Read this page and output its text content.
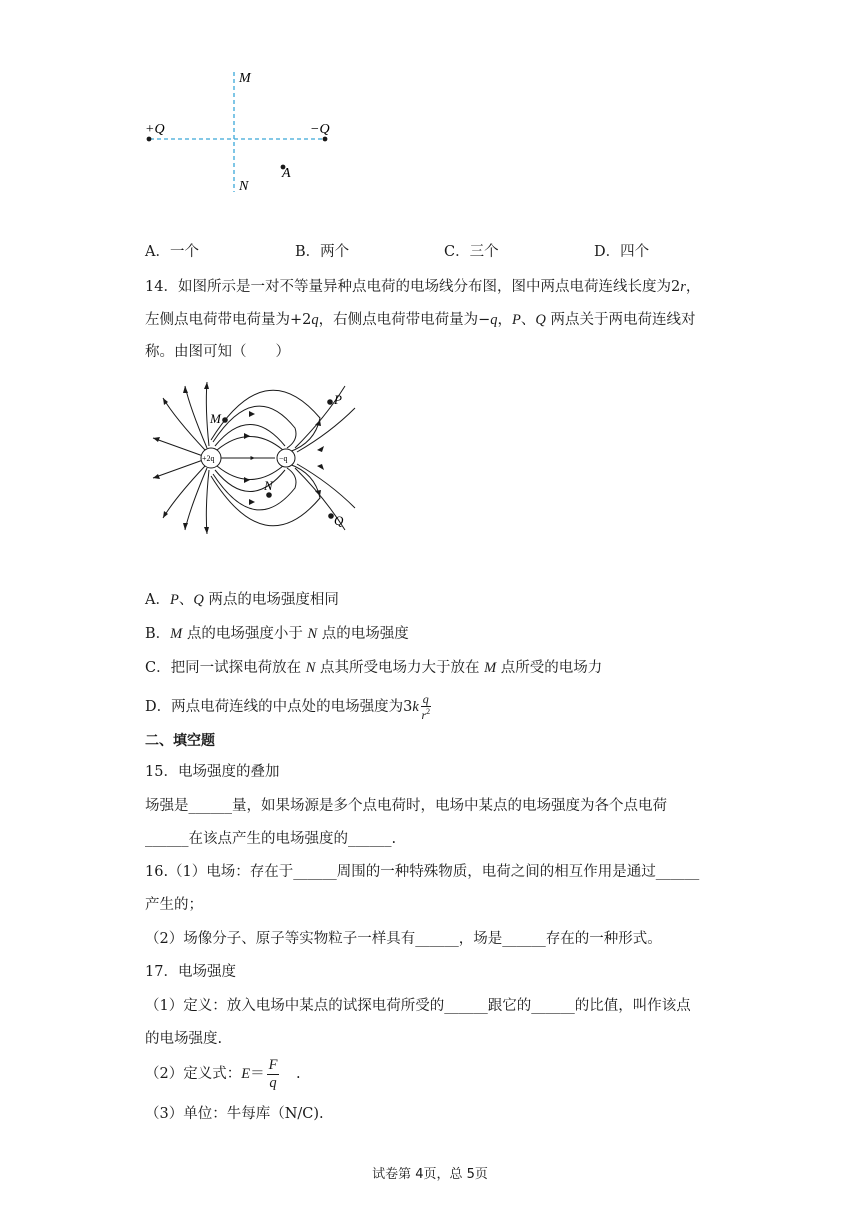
M
N
+Q	−Q
A
A．一个	B．两个	C．三个	D．四个
14．如图所示是一对不等量异种点电荷的电场线分布图，图中两点电荷连线长度为2r，
左侧点电荷带电荷量为+2q，右侧点电荷带电荷量为−q，P、Q 两点关于两电荷连线对
称。由图可知（　　）
+2q	−q
M
P
N
Q
A．P、Q 两点的电场强度相同
B．M 点的电场强度小于 N 点的电场强度
C．把同一试探电荷放在 N 点其所受电场力大于放在 M 点所受的电场力
D．两点电荷连线的中点处的电场强度为$3k \frac{q}{r^2}$
二、填空题
15．电场强度的叠加
场强是______量，如果场源是多个点电荷时，电场中某点的电场强度为各个点电荷
______在该点产生的电场强度的______.
16.（1）电场：存在于______周围的一种特殊物质，电荷之间的相互作用是通过______
产生的；
（2）场像分子、原子等实物粒子一样具有______，场是______存在的一种形式。
17．电场强度
（1）定义：放入电场中某点的试探电荷所受的______跟它的______的比值，叫作该点
的电场强度.
（2）定义式：$E= \frac{F}{q}$ 　.
（3）单位：牛每库（N/C).
试卷第 4页，总 5页
